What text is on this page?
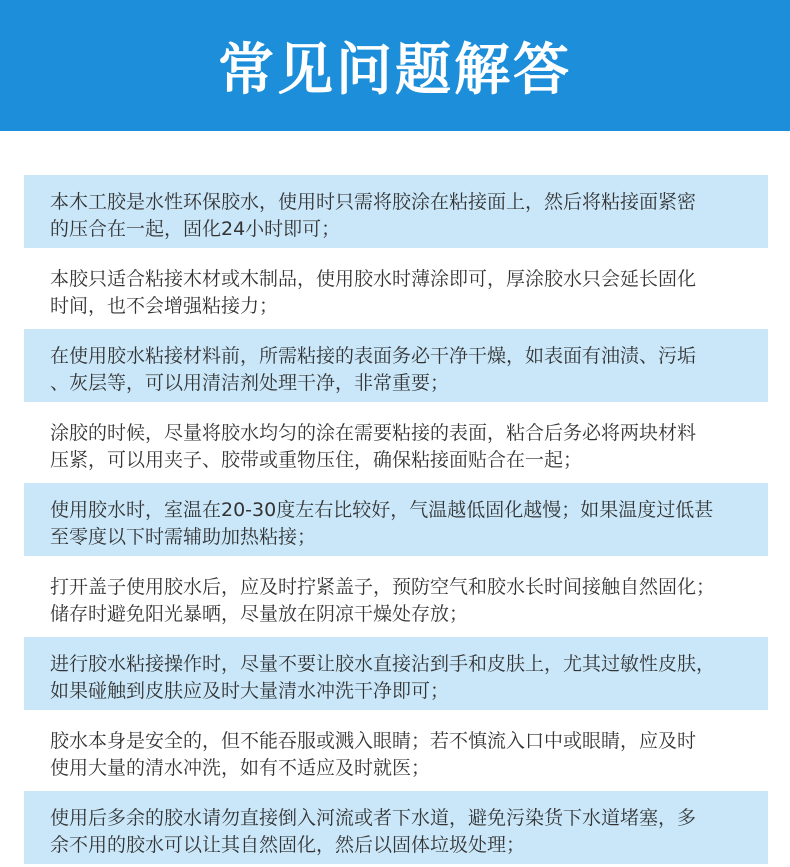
常见问题解答
本木工胶是水性环保胶水，使用时只需将胶涂在粘接面上，然后将粘接面紧密
的压合在一起，固化24小时即可；
本胶只适合粘接木材或木制品，使用胶水时薄涂即可，厚涂胶水只会延长固化
时间，也不会增强粘接力；
在使用胶水粘接材料前，所需粘接的表面务必干净干燥，如表面有油渍、污垢
、灰层等，可以用清洁剂处理干净，非常重要；
涂胶的时候，尽量将胶水均匀的涂在需要粘接的表面，粘合后务必将两块材料
压紧，可以用夹子、胶带或重物压住，确保粘接面贴合在一起；
使用胶水时，室温在20-30度左右比较好，气温越低固化越慢；如果温度过低甚
至零度以下时需辅助加热粘接；
打开盖子使用胶水后，应及时拧紧盖子，预防空气和胶水长时间接触自然固化；
储存时避免阳光暴晒，尽量放在阴凉干燥处存放；
进行胶水粘接操作时，尽量不要让胶水直接沾到手和皮肤上，尤其过敏性皮肤，
如果碰触到皮肤应及时大量清水冲洗干净即可；
胶水本身是安全的，但不能吞服或溅入眼睛；若不慎流入口中或眼睛，应及时
使用大量的清水冲洗，如有不适应及时就医；
使用后多余的胶水请勿直接倒入河流或者下水道，避免污染货下水道堵塞，多
余不用的胶水可以让其自然固化，然后以固体垃圾处理；
